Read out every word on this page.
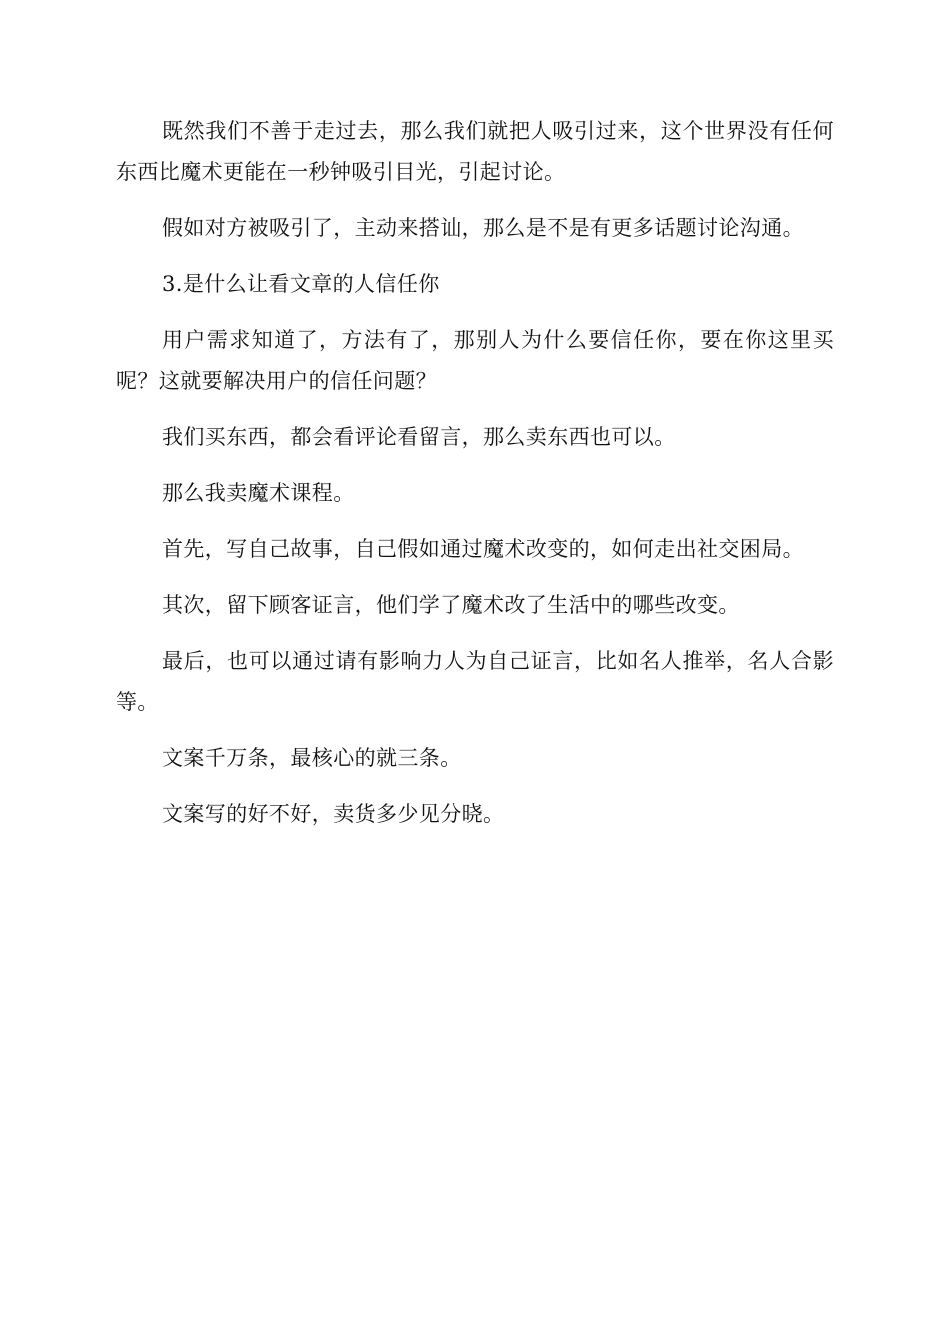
既然我们不善于走过去，那么我们就把人吸引过来，这个世界没有任何东西比魔术更能在一秒钟吸引目光，引起讨论。

假如对方被吸引了，主动来搭讪，那么是不是有更多话题讨论沟通。

3.是什么让看文章的人信任你

用户需求知道了，方法有了，那别人为什么要信任你，要在你这里买呢？这就要解决用户的信任问题？

我们买东西，都会看评论看留言，那么卖东西也可以。

那么我卖魔术课程。

首先，写自己故事，自己假如通过魔术改变的，如何走出社交困局。

其次，留下顾客证言，他们学了魔术改了生活中的哪些改变。

最后，也可以通过请有影响力人为自己证言，比如名人推举，名人合影等。

文案千万条，最核心的就三条。

文案写的好不好，卖货多少见分晓。
